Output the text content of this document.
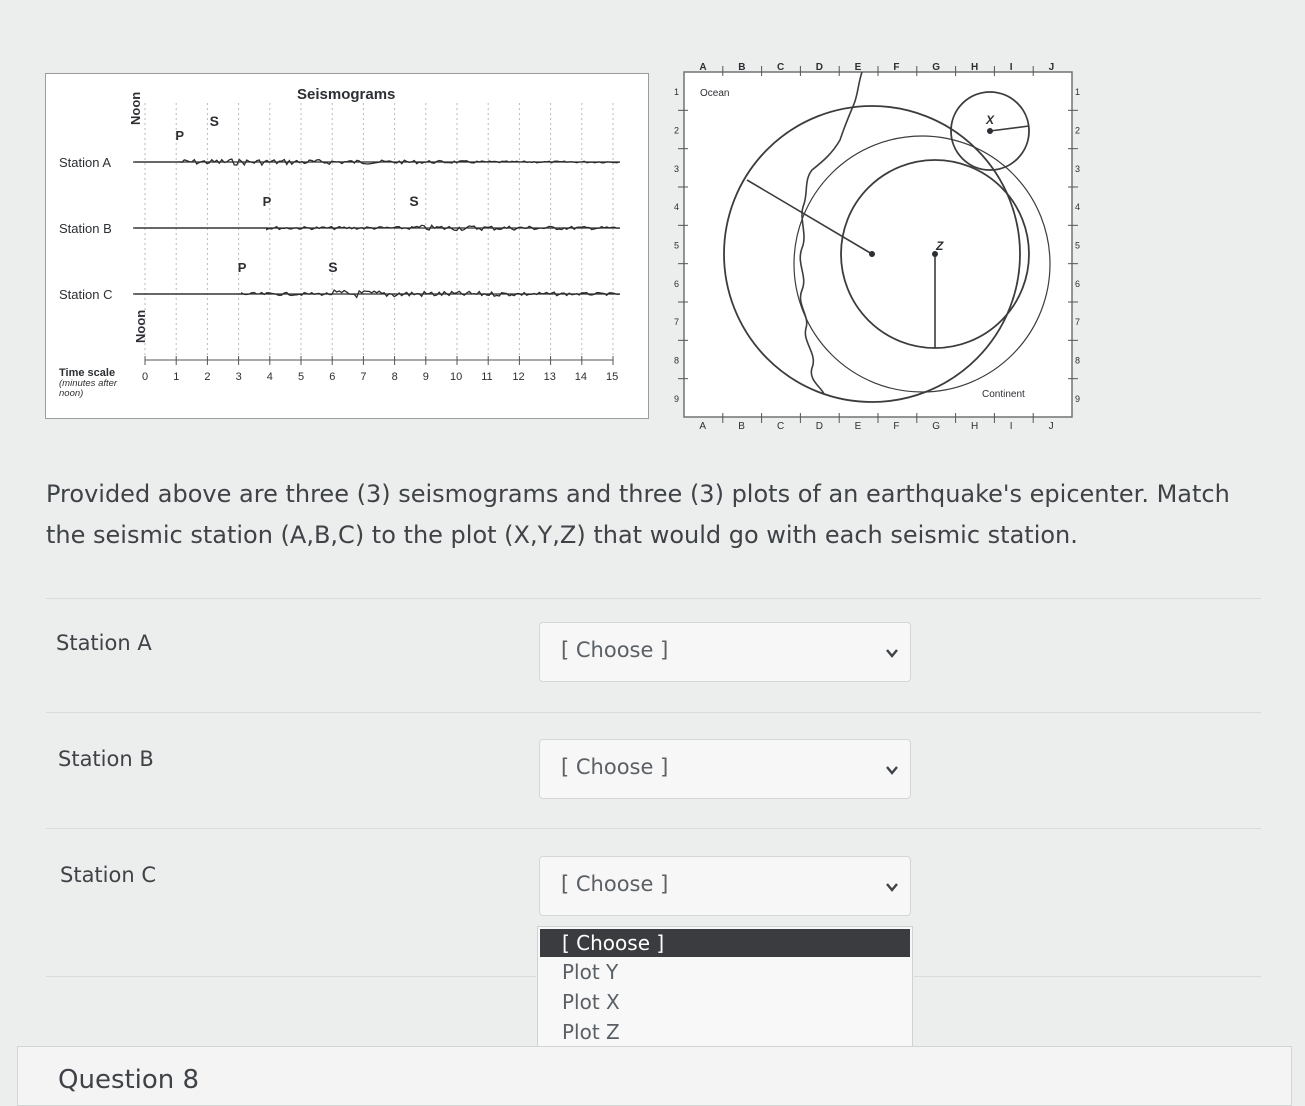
Seismograms
0 1 2 3 4 5 6 7 8 9 10 11 12 13 14 15
Station A
P
S
Station B
P	S
Station C
P	S
Noon
Noon
Time scale
(minutes after noon)
A
A
B
B
C
C
D
D
E
E
F
F
G
G
H
H
I
I
J
J
1	1
2	2
3	3
4	4
5	5
6	6
7	7
8	8
9	9
Ocean
Continent
X
Z
Provided above are three (3) seismograms and three (3) plots of an earthquake's epicenter. Match the seismic station (A,B,C) to the plot (X,Y,Z) that would go with each seismic station.
Station A	[ Choose ]
Station B	[ Choose ]
Station C	[ Choose ]
[ Choose ]
Plot Y
Plot X
Plot Z
Question 8
